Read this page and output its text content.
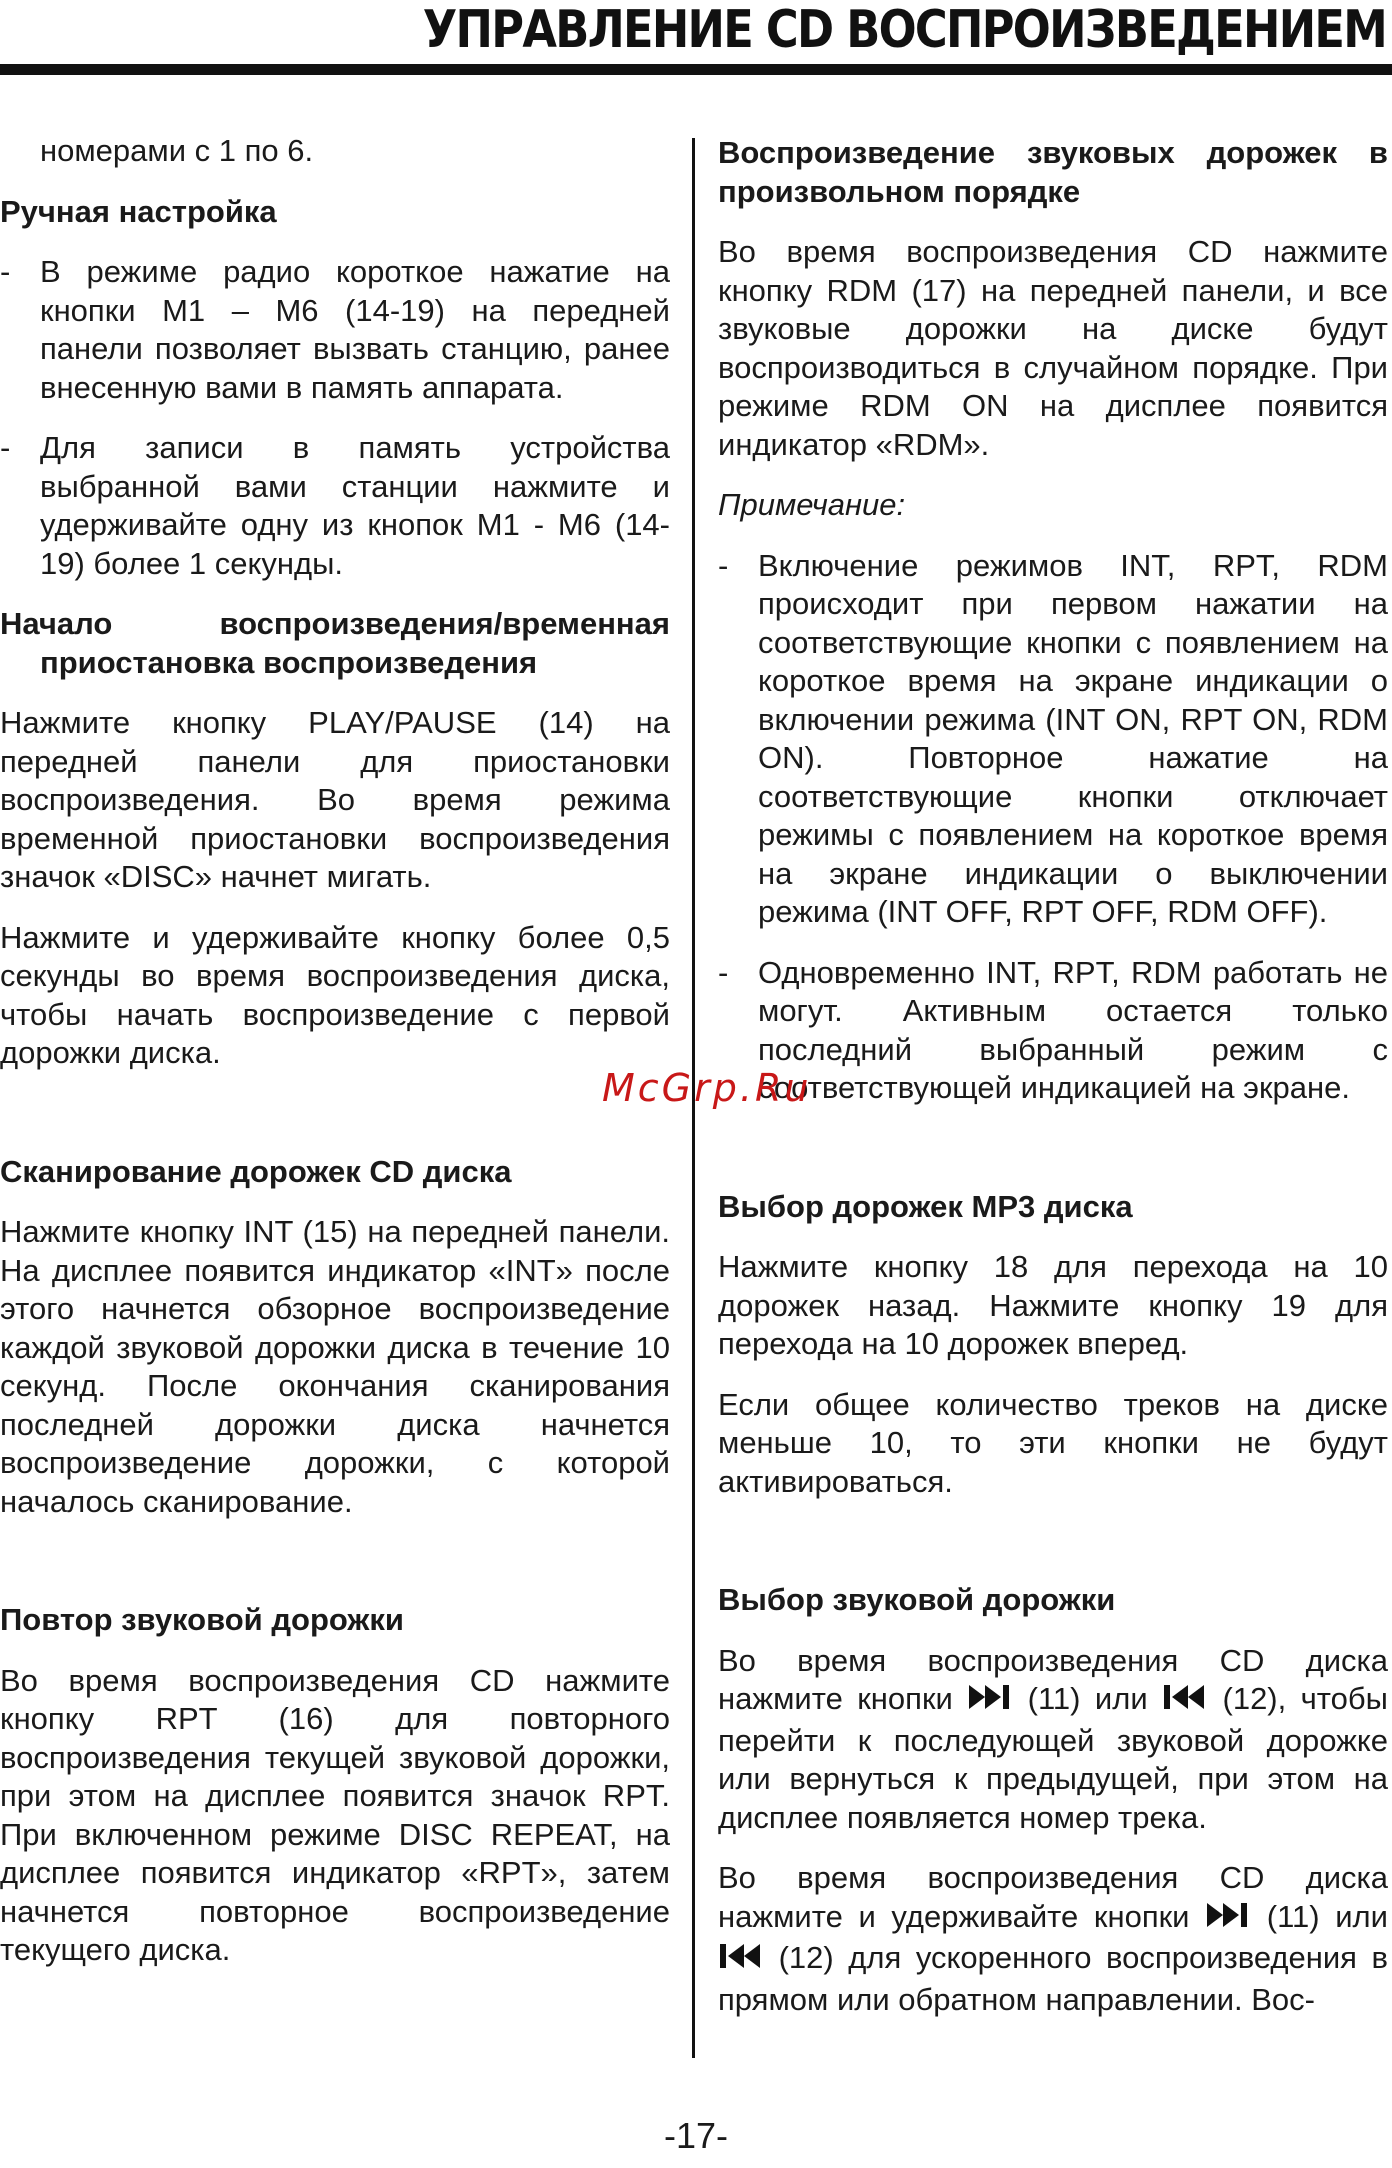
УПРАВЛЕНИЕ CD ВОСПРОИЗВЕДЕНИЕМ

номерами с 1 по 6.

Ручная настройка
- В режиме радио короткое нажатие на кнопки M1 – M6 (14-19) на передней панели позволяет вызвать станцию, ранее внесенную вами в память аппарата.
- Для записи в память устройства выбранной вами станции нажмите и удерживайте одну из кнопок M1 - M6 (14-19) более 1 секунды.
Начало воспроизведения/временная приостановка воспроизведения

Нажмите кнопку PLAY/PAUSE (14) на передней панели для приостановки воспроизведения. Во время режима временной приостановки воспроизведения значок «DISC» начнет мигать.

Нажмите и удерживайте кнопку более 0,5 секунды во время воспроизведения диска, чтобы начать воспроизведение с первой дорожки диска.

Сканирование дорожек CD диска

Нажмите кнопку INT (15) на передней панели. На дисплее появится индикатор «INT» после этого начнется обзорное воспроизведение каждой звуковой дорожки диска в течение 10 секунд. После окончания сканирования последней дорожки диска начнется воспроизведение дорожки, с которой началось сканирование.

Повтор звуковой дорожки

Во время воспроизведения CD нажмите кнопку RPT (16) для повторного воспроизведения текущей звуковой дорожки, при этом на дисплее появится значок RPT. При включенном режиме DISC REPEAT, на дисплее появится индикатор «RPT», затем начнется повторное воспроизведение текущего диска.

Воспроизведение звуковых дорожек в произвольном порядке

Во время воспроизведения CD нажмите кнопку RDM (17) на передней панели, и все звуковые дорожки на диске будут воспроизводиться в случайном порядке. При режиме RDM ON на дисплее появится индикатор «RDM».

Примечание:

- Включение режимов INT, RPT, RDM происходит при первом нажатии на соответствующие кнопки с появлением на короткое время на экране индикации о включении режима (INT ON, RPT ON, RDM ON). Повторное нажатие на соответствующие кнопки отключает режимы с появлением на короткое время на экране индикации о выключении режима (INT OFF, RPT OFF, RDM OFF).
- Одновременно INT, RPT, RDM работать не могут. Активным остается только последний выбранный режим с соответствующей индикацией на экране.
Выбор дорожек MP3 диска

Нажмите кнопку 18 для перехода на 10 дорожек назад. Нажмите кнопку 19 для перехода на 10 дорожек вперед.

Если общее количество треков на диске меньше 10, то эти кнопки не будут активироваться.

Выбор звуковой дорожки

Во время воспроизведения CD диска нажмите кнопки (11) или (12), чтобы перейти к последующей звуковой дорожке или вернуться к предыдущей, при этом на дисплее появляется номер трека.

Во время воспроизведения CD диска нажмите и удерживайте кнопки (11) или  (12) для ускоренного воспроизведения в прямом или обратном направлении. Вос-

McGrp.Ru
-17-
